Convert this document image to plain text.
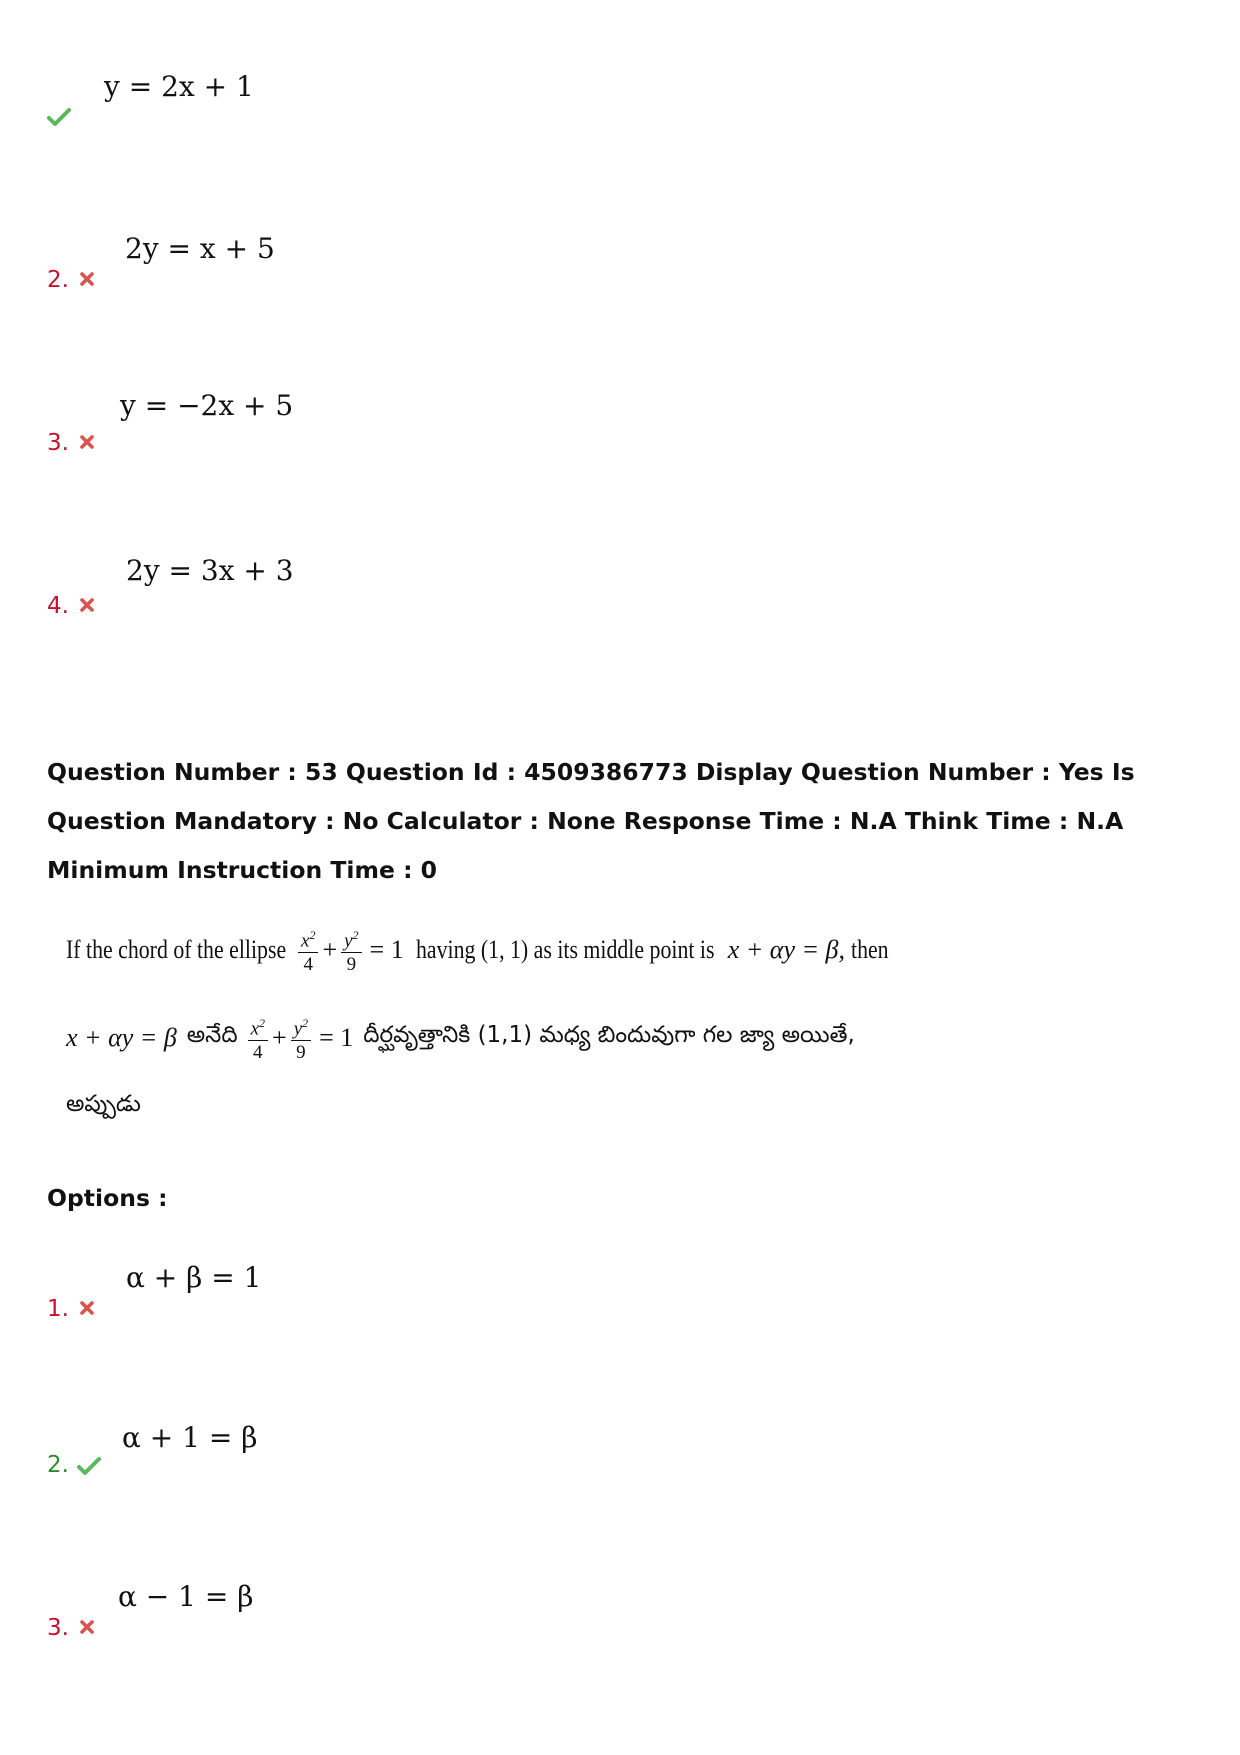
y = 2x + 1
2.
2y = x + 5
3.
y = −2x + 5
4.
2y = 3x + 3
Question Number : 53 Question Id : 4509386773 Display Question Number : Yes Is Question Mandatory : No Calculator : None Response Time : N.A Think Time : N.A Minimum Instruction Time : 0
If the chord of the ellipse $\frac{x^2}{4} + \frac{y^2}{9} = 1$ having (1, 1) as its middle point is x + αy = β, then
x + αy = β అనేది $\frac{x^2}{4} + \frac{y^2}{9} = 1$ దీర్ఘవృత్తానికి (1,1) మధ్య బిందువుగా గల జ్యా అయితే,
అప్పుడు
Options :
1.
α + β = 1
2.
α + 1 = β
3.
α − 1 = β
